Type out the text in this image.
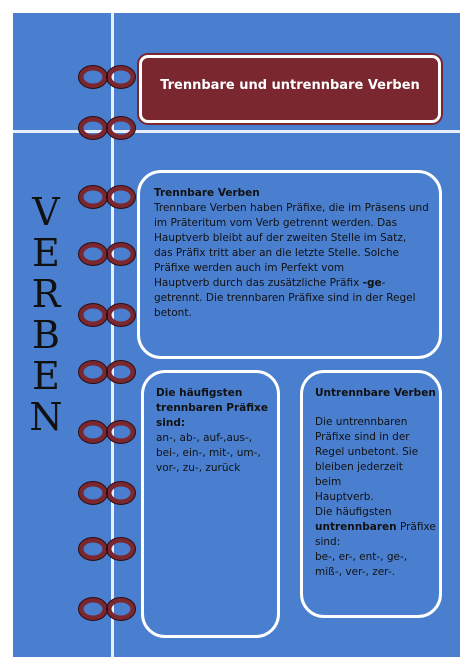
V
E
R
B
E
N
Trennbare und untrennbare Verben

Trennbare Verben

Trennbare Verben haben Präfixe, die im Präsens und

im Präteritum vom Verb getrennt werden. Das

Hauptverb bleibt auf der zweiten Stelle im Satz,

das Präfix tritt aber an die letzte Stelle. Solche

Präfixe werden auch im Perfekt vom

Hauptverb durch das zusätzliche Präfix -ge-

getrennt. Die trennbaren Präfixe sind in der Regel

betont.

Die häufigsten

trennbaren Präfixe

sind:

an-, ab-, auf-,aus-,

bei-, ein-, mit-, um-,

vor-, zu-, zurück

Untrennbare Verben

Die untrennbaren

Präfixe sind in der

Regel unbetont. Sie

bleiben jederzeit

beim

Hauptverb.

Die häufigsten

untrennbaren Präfixe

sind:

be-, er-, ent-, ge-,

miß-, ver-, zer-.
